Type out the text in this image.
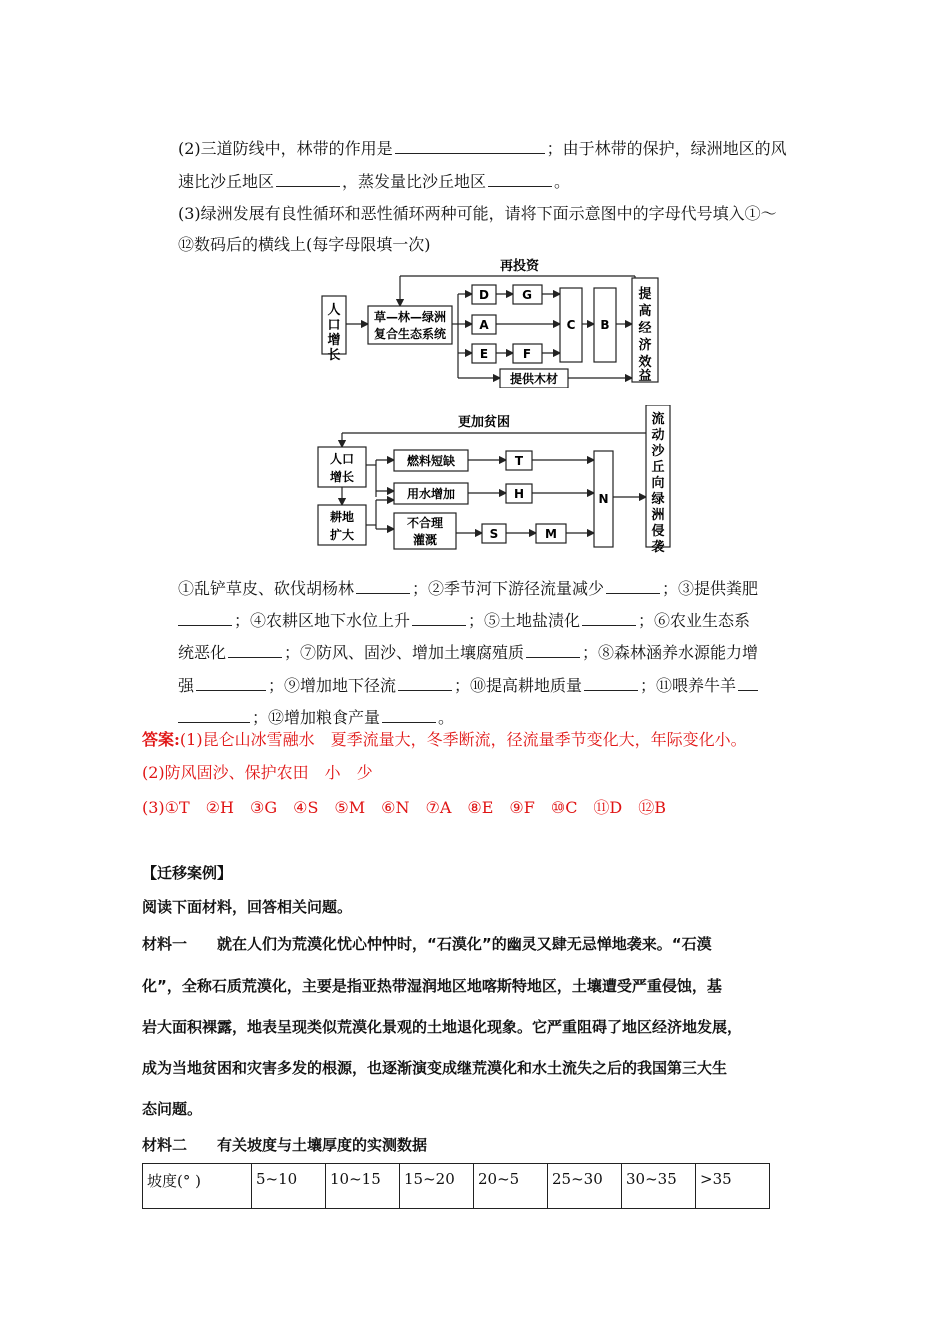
(2)三道防线中，林带的作用是	；由于林带的保护，绿洲地区的风
速比沙丘地区	，蒸发量比沙丘地区	。
(3)绿洲发展有良性循环和恶性循环两种可能，请将下面示意图中的字母代号填入①～
⑫数码后的横线上(每字母限填一次)
再投资
人
口
增
长
草—林—绿洲
复合生态系统
D	G
A
E	F
C B
提供木材
提
高
经
济
效
益
更加贫困
人口
增长
耕地
扩大
燃料短缺
用水增加
不合理
灌溉
T
H
S	M
N
流
动
沙
丘
向
绿
洲
侵
袭
①乱铲草皮、砍伐胡杨林	；②季节河下游径流量减少	；③提供粪肥
；④农耕区地下水位上升	；⑤土地盐渍化	；⑥农业生态系
统恶化	；⑦防风、固沙、增加土壤腐殖质	；⑧森林涵养水源能力增
强	；⑨增加地下径流	；⑩提高耕地质量	；⑪喂养牛羊
；⑫增加粮食产量	。
答案:(1)昆仑山冰雪融水　夏季流量大，冬季断流，径流量季节变化大，年际变化小。
(2)防风固沙、保护农田　小　少
(3)①T　②H　③G　④S　⑤M　⑥N　⑦A　⑧E　⑨F　⑩C　⑪D　⑫B
【迁移案例】
阅读下面材料，回答相关问题。
材料一　　就在人们为荒漠化忧心忡忡时，“石漠化”的幽灵又肆无忌惮地袭来。“石漠
化”，全称石质荒漠化，主要是指亚热带湿润地区地喀斯特地区，土壤遭受严重侵蚀，基
岩大面积裸露，地表呈现类似荒漠化景观的土地退化现象。它严重阻碍了地区经济地发展，
成为当地贫困和灾害多发的根源，也逐渐演变成继荒漠化和水土流失之后的我国第三大生
态问题。
材料二　　有关坡度与土壤厚度的实测数据
坡度(° )	5~10	10~15	15~20	20~5	25~30	30~35	>35
